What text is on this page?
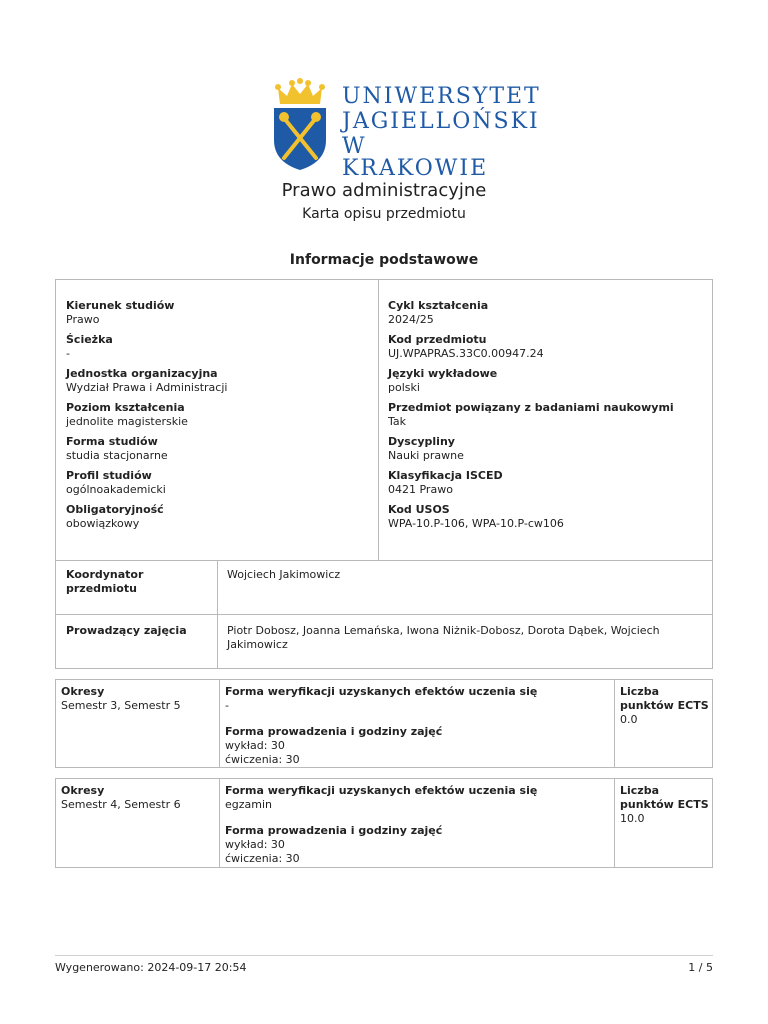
UNIWERSYTET
JAGIELLOŃSKI
W KRAKOWIE
Prawo administracyjne
Karta opisu przedmiotu
Informacje podstawowe
Kierunek studiów
Prawo
Ścieżka
-
Jednostka organizacyjna
Wydział Prawa i Administracji
Poziom kształcenia
jednolite magisterskie
Forma studiów
studia stacjonarne
Profil studiów
ogólnoakademicki
Obligatoryjność
obowiązkowy
Cykl kształcenia
2024/25
Kod przedmiotu
UJ.WPAPRAS.33C0.00947.24
Języki wykładowe
polski
Przedmiot powiązany z badaniami naukowymi
Tak
Dyscypliny
Nauki prawne
Klasyfikacja ISCED
0421 Prawo
Kod USOS
WPA-10.P-106, WPA-10.P-cw106
Koordynator przedmiotu
Wojciech Jakimowicz
Prowadzący zajęcia	Piotr Dobosz, Joanna Lemańska, Iwona Niżnik-Dobosz, Dorota Dąbek, Wojciech Jakimowicz
Okresy
Semestr 3, Semestr 5
Forma weryfikacji uzyskanych efektów uczenia się
-
Forma prowadzenia i godziny zajęć
wykład: 30
ćwiczenia: 30
Liczba punktów ECTS
0.0
Okresy
Semestr 4, Semestr 6
Forma weryfikacji uzyskanych efektów uczenia się
egzamin
Forma prowadzenia i godziny zajęć
wykład: 30
ćwiczenia: 30
Liczba punktów ECTS
10.0
Wygenerowano: 2024-09-17 20:54	1 / 5
